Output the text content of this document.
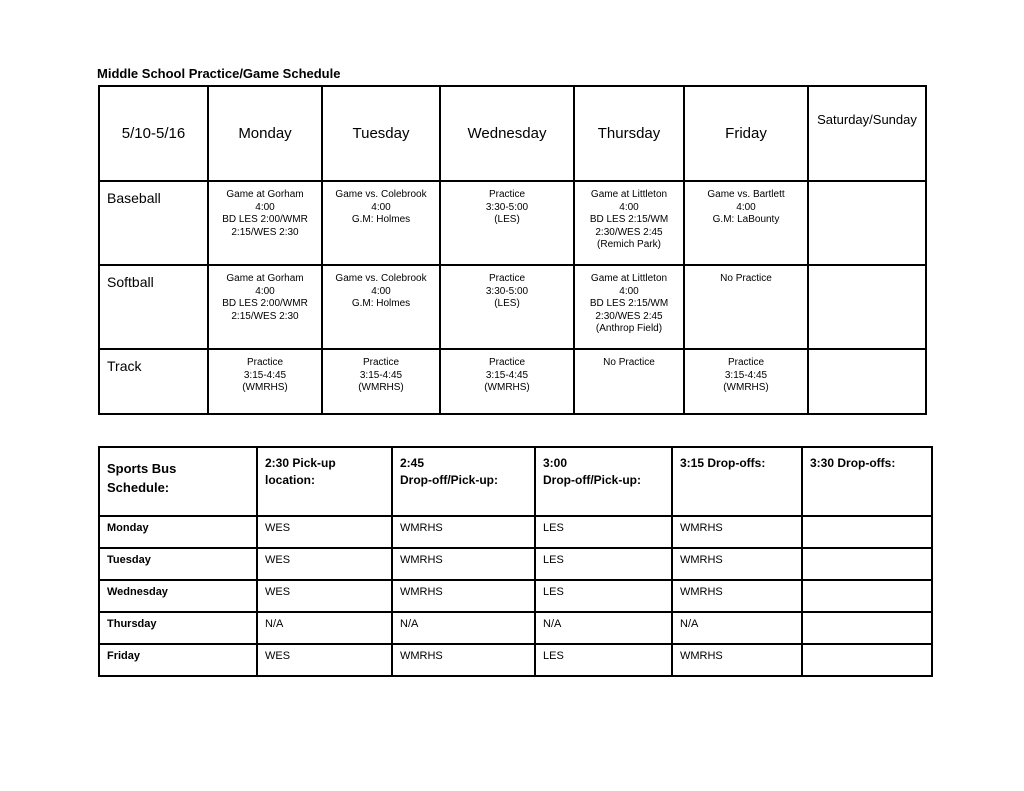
Middle School Practice/Game Schedule
5/10-5/16	Monday	Tuesday	Wednesday	Thursday	Friday	Saturday/Sunday
Baseball	Game at Gorham
4:00
BD LES 2:00/WMR
2:15/WES 2:30	Game vs. Colebrook
4:00
G.M: Holmes	Practice
3:30-5:00
(LES)	Game at Littleton
4:00
BD LES 2:15/WM
2:30/WES 2:45
(Remich Park)	Game vs. Bartlett
4:00
G.M: LaBounty	
Softball	Game at Gorham
4:00
BD LES 2:00/WMR
2:15/WES 2:30	Game vs. Colebrook
4:00
G.M: Holmes	Practice
3:30-5:00
(LES)	Game at Littleton
4:00
BD LES 2:15/WM
2:30/WES 2:45
(Anthrop Field)	No Practice	
Track	Practice
3:15-4:45
(WMRHS)	Practice
3:15-4:45
(WMRHS)	Practice
3:15-4:45
(WMRHS)	No Practice	Practice
3:15-4:45
(WMRHS)	
Sports Bus
Schedule:	2:30 Pick-up
location:	2:45
Drop-off/Pick-up:	3:00
Drop-off/Pick-up:	3:15 Drop-offs:	3:30 Drop-offs:
Monday	WES	WMRHS	LES	WMRHS	
Tuesday	WES	WMRHS	LES	WMRHS	
Wednesday	WES	WMRHS	LES	WMRHS	
Thursday	N/A	N/A	N/A	N/A	
Friday	WES	WMRHS	LES	WMRHS	
